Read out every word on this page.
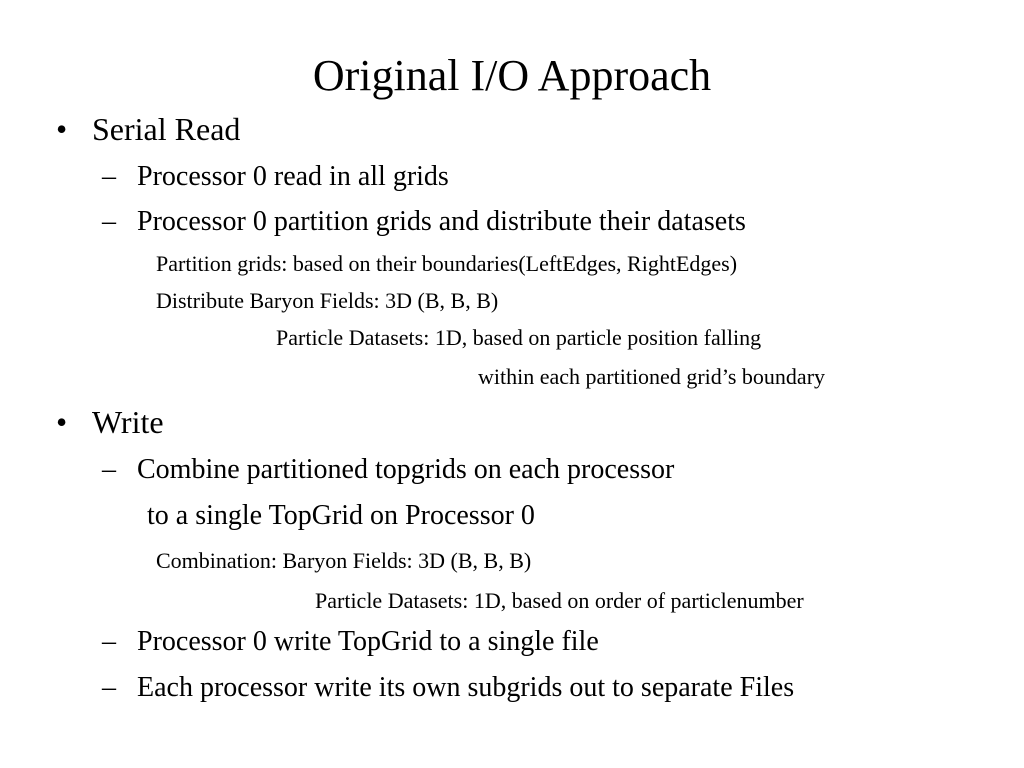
Original I/O Approach
• Serial Read
– Processor 0 read in all grids
– Processor 0 partition grids and distribute their datasets
Partition grids: based on their boundaries(LeftEdges, RightEdges)
Distribute Baryon Fields: 3D (B, B, B)
Particle Datasets: 1D, based on particle position falling
within each partitioned grid’s boundary
• Write
– Combine partitioned topgrids on each processor
to a single TopGrid on Processor 0
Combination: Baryon Fields: 3D (B, B, B)
Particle Datasets: 1D, based on order of particlenumber
– Processor 0 write TopGrid to a single file
– Each processor write its own subgrids out to separate Files
